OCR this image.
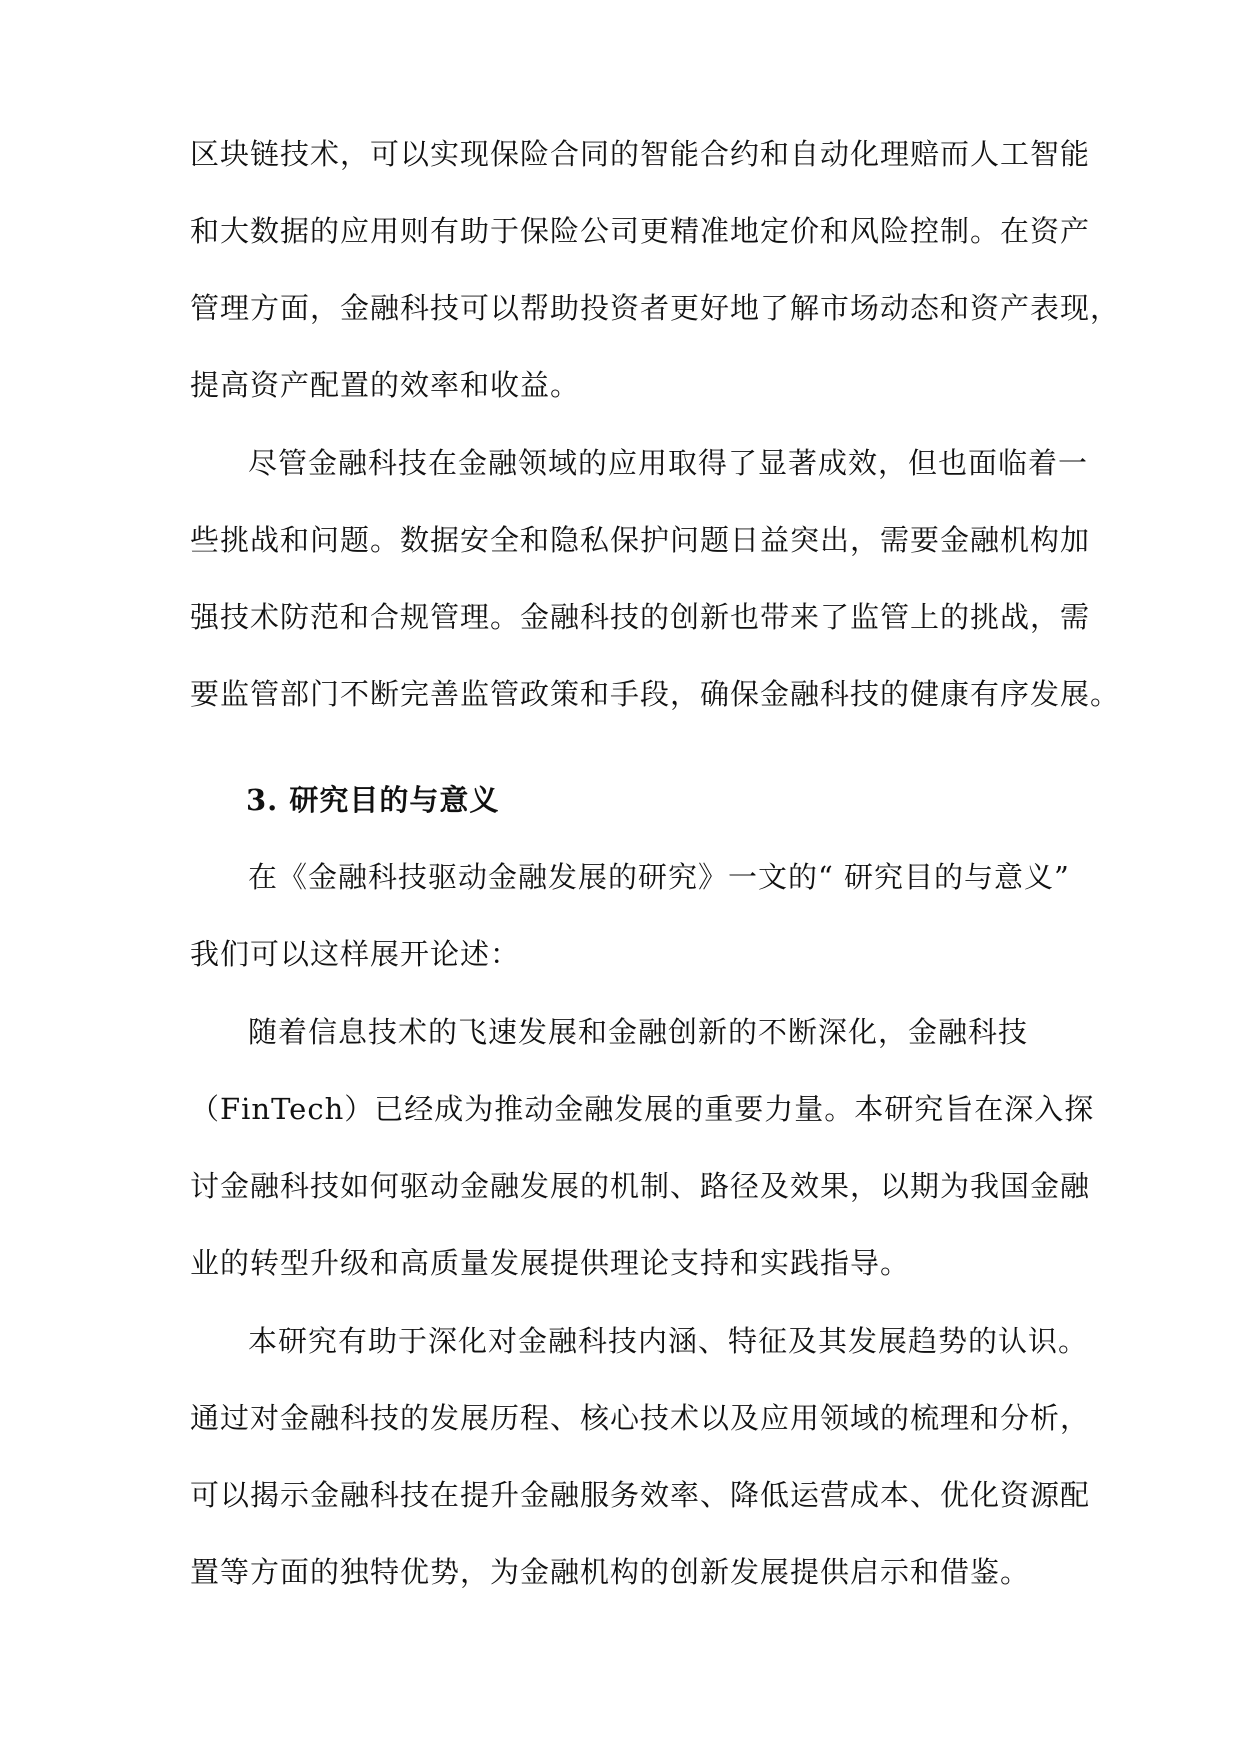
区块链技术，可以实现保险合同的智能合约和自动化理赔而人工智能
和大数据的应用则有助于保险公司更精准地定价和风险控制。在资产
管理方面，金融科技可以帮助投资者更好地了解市场动态和资产表现，
提高资产配置的效率和收益。
尽管金融科技在金融领域的应用取得了显著成效，但也面临着一
些挑战和问题。数据安全和隐私保护问题日益突出，需要金融机构加
强技术防范和合规管理。金融科技的创新也带来了监管上的挑战，需
要监管部门不断完善监管政策和手段，确保金融科技的健康有序发展。
3. 研究目的与意义
在《金融科技驱动金融发展的研究》一文的“ 研究目的与意义”
我们可以这样展开论述：
随着信息技术的飞速发展和金融创新的不断深化，金融科技
（FinTech）已经成为推动金融发展的重要力量。本研究旨在深入探
讨金融科技如何驱动金融发展的机制、路径及效果，以期为我国金融
业的转型升级和高质量发展提供理论支持和实践指导。
本研究有助于深化对金融科技内涵、特征及其发展趋势的认识。
通过对金融科技的发展历程、核心技术以及应用领域的梳理和分析，
可以揭示金融科技在提升金融服务效率、降低运营成本、优化资源配
置等方面的独特优势，为金融机构的创新发展提供启示和借鉴。
